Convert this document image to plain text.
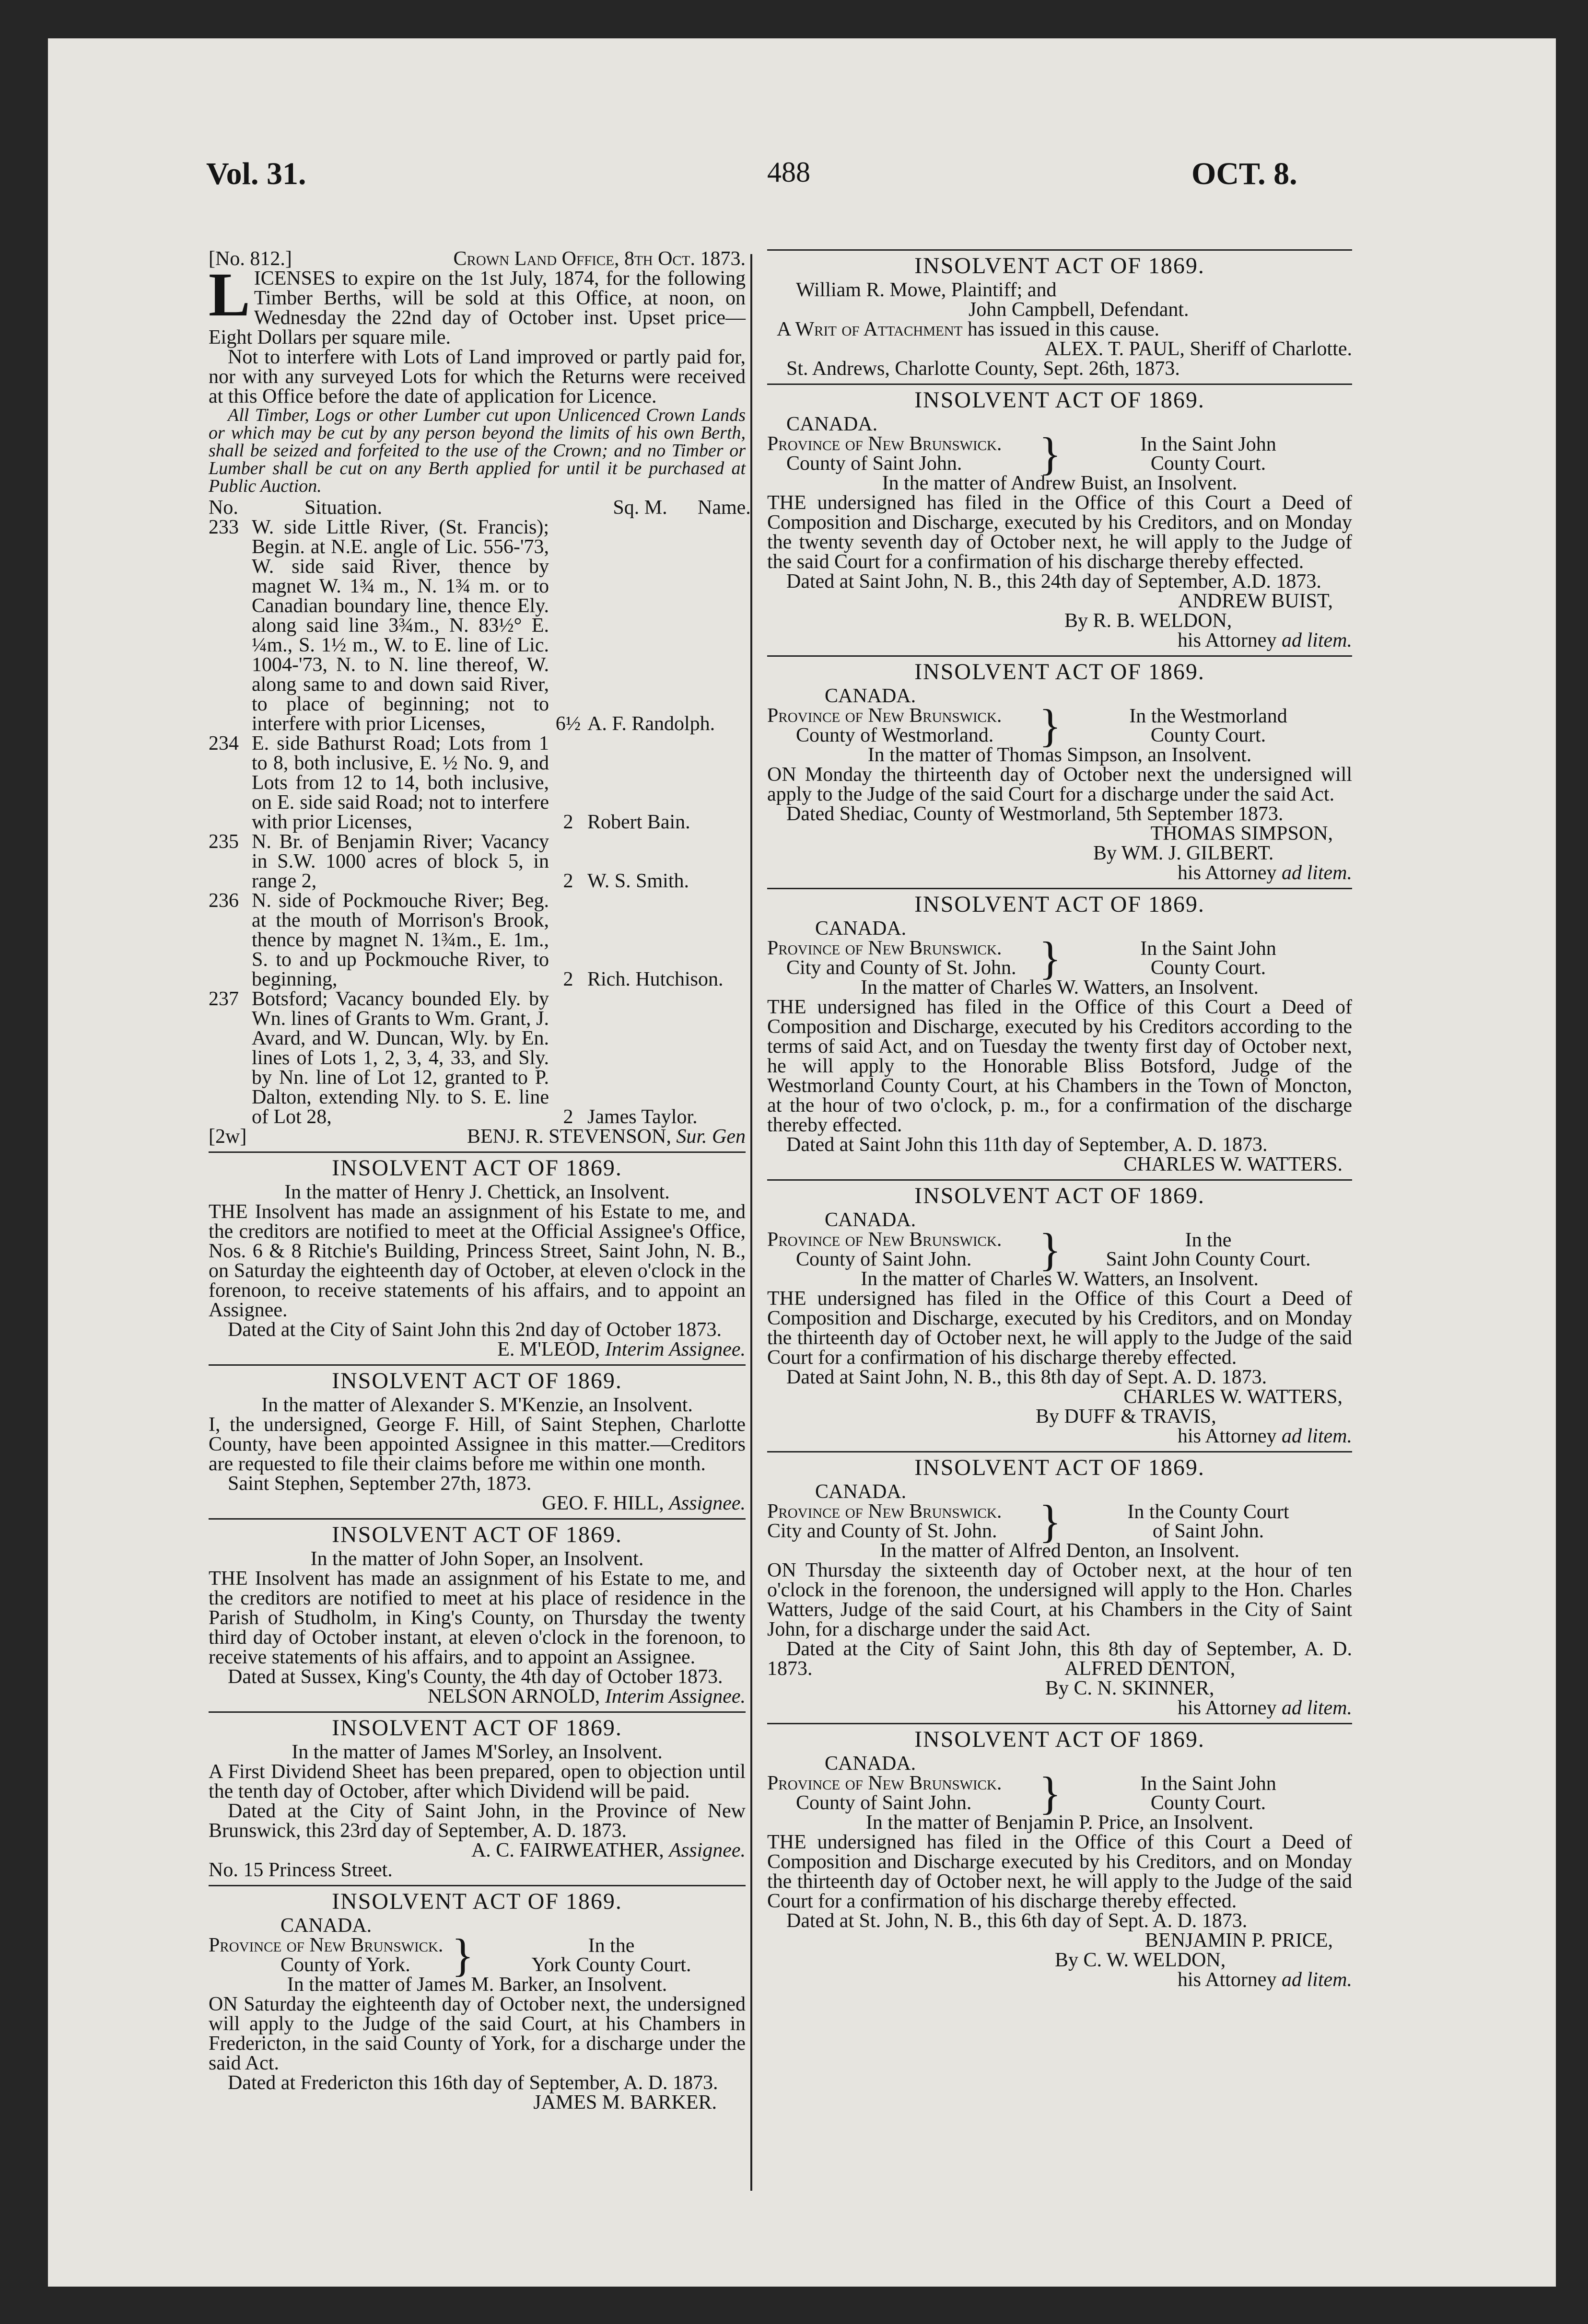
Vol. 31.	488	OCT. 8.
[No. 812.]	Crown Land Office, 8th Oct. 1873.

LICENSES to expire on the 1st July, 1874, for the following Timber Berths, will be sold at this Office, at noon, on Wednesday the 22nd day of October inst. Upset price—Eight Dollars per square mile.

Not to interfere with Lots of Land improved or partly paid for, nor with any surveyed Lots for which the Returns were received at this Office before the date of application for Licence.

All Timber, Logs or other Lumber cut upon Unlicenced Crown Lands or which may be cut by any person beyond the limits of his own Berth, shall be seized and forfeited to the use of the Crown; and no Timber or Lumber shall be cut on any Berth applied for until it be purchased at Public Auction.

No.	Situation.	Sq. M.	Name.
233 W. side Little River, (St. Francis); Begin. at N.E. angle of Lic. 556-'73, W. side said River, thence by magnet W. 1¾ m., N. 1¾ m. or to Canadian boundary line, thence Ely. along said line 3¾m., N. 83½° E. ¼m., S. 1½ m., W. to E. line of Lic. 1004-'73, N. to N. line thereof, W. along same to and down said River, to place of beginning; not to interfere with prior Licenses,	6½ A. F. Randolph.
234 E. side Bathurst Road; Lots from 1 to 8, both inclusive, E. ½ No. 9, and Lots from 12 to 14, both inclusive, on E. side said Road; not to interfere with prior Licenses,	2 Robert Bain.
235 N. Br. of Benjamin River; Vacancy in S.W. 1000 acres of block 5, in range 2,	2 W. S. Smith.
236 N. side of Pockmouche River; Beg. at the mouth of Morrison's Brook, thence by magnet N. 1¾m., E. 1m., S. to and up Pockmouche River, to beginning,	2 Rich. Hutchison.
237 Botsford; Vacancy bounded Ely. by Wn. lines of Grants to Wm. Grant, J. Avard, and W. Duncan, Wly. by En. lines of Lots 1, 2, 3, 4, 33, and Sly. by Nn. line of Lot 12, granted to P. Dalton, extending Nly. to S. E. line of Lot 28,	2 James Taylor.
[2w]	BENJ. R. STEVENSON, Sur. Gen
INSOLVENT ACT OF 1869.

In the matter of Henry J. Chettick, an Insolvent.

THE Insolvent has made an assignment of his Estate to me, and the creditors are notified to meet at the Official Assignee's Office, Nos. 6 & 8 Ritchie's Building, Princess Street, Saint John, N. B., on Saturday the eighteenth day of October, at eleven o'clock in the forenoon, to receive statements of his affairs, and to appoint an Assignee.

Dated at the City of Saint John this 2nd day of October 1873.

E. M'LEOD, Interim Assignee.

INSOLVENT ACT OF 1869.

In the matter of Alexander S. M'Kenzie, an Insolvent.

I, the undersigned, George F. Hill, of Saint Stephen, Charlotte County, have been appointed Assignee in this matter.—Creditors are requested to file their claims before me within one month.

Saint Stephen, September 27th, 1873.

GEO. F. HILL, Assignee.

INSOLVENT ACT OF 1869.

In the matter of John Soper, an Insolvent.

THE Insolvent has made an assignment of his Estate to me, and the creditors are notified to meet at his place of residence in the Parish of Studholm, in King's County, on Thursday the twenty third day of October instant, at eleven o'clock in the forenoon, to receive statements of his affairs, and to appoint an Assignee.

Dated at Sussex, King's County, the 4th day of October 1873.

NELSON ARNOLD, Interim Assignee.

INSOLVENT ACT OF 1869.

In the matter of James M'Sorley, an Insolvent.

A First Dividend Sheet has been prepared, open to objection until the tenth day of October, after which Dividend will be paid.

Dated at the City of Saint John, in the Province of New Brunswick, this 23rd day of September, A. D. 1873.

A. C. FAIRWEATHER, Assignee.

No. 15 Princess Street.

INSOLVENT ACT OF 1869.

CANADA.

Province of New Brunswick.
County of York. }	In the
York County Court.

In the matter of James M. Barker, an Insolvent.

ON Saturday the eighteenth day of October next, the undersigned will apply to the Judge of the said Court, at his Chambers in Fredericton, in the said County of York, for a discharge under the said Act.

Dated at Fredericton this 16th day of September, A. D. 1873.

JAMES M. BARKER.

INSOLVENT ACT OF 1869.

William R. Mowe, Plaintiff; and

John Campbell, Defendant.

A Writ of Attachment has issued in this cause.

ALEX. T. PAUL, Sheriff of Charlotte.

St. Andrews, Charlotte County, Sept. 26th, 1873.

INSOLVENT ACT OF 1869.

CANADA.

Province of New Brunswick.
County of Saint John.	}	In the Saint John
County Court.

In the matter of Andrew Buist, an Insolvent.

THE undersigned has filed in the Office of this Court a Deed of Composition and Discharge, executed by his Creditors, and on Monday the twenty seventh day of October next, he will apply to the Judge of the said Court for a confirmation of his discharge thereby effected.

Dated at Saint John, N. B., this 24th day of September, A.D. 1873.

ANDREW BUIST,

By R. B. WELDON,

his Attorney ad litem.

INSOLVENT ACT OF 1869.

CANADA.

Province of New Brunswick.
County of Westmorland. }	In the Westmorland
County Court.

In the matter of Thomas Simpson, an Insolvent.

ON Monday the thirteenth day of October next the undersigned will apply to the Judge of the said Court for a discharge under the said Act.

Dated Shediac, County of Westmorland, 5th September 1873.

THOMAS SIMPSON,

By WM. J. GILBERT.

his Attorney ad litem.

INSOLVENT ACT OF 1869.

CANADA.

Province of New Brunswick.
City and County of St. John. }	In the Saint John
County Court.

In the matter of Charles W. Watters, an Insolvent.

THE undersigned has filed in the Office of this Court a Deed of Composition and Discharge, executed by his Creditors according to the terms of said Act, and on Tuesday the twenty first day of October next, he will apply to the Honorable Bliss Botsford, Judge of the Westmorland County Court, at his Chambers in the Town of Moncton, at the hour of two o'clock, p. m., for a confirmation of the discharge thereby effected.

Dated at Saint John this 11th day of September, A. D. 1873.

CHARLES W. WATTERS.

INSOLVENT ACT OF 1869.

CANADA.

Province of New Brunswick.
County of Saint John.	}	In the
Saint John County Court.

In the matter of Charles W. Watters, an Insolvent.

THE undersigned has filed in the Office of this Court a Deed of Composition and Discharge, executed by his Creditors, and on Monday the thirteenth day of October next, he will apply to the Judge of the said Court for a confirmation of his discharge thereby effected.

Dated at Saint John, N. B., this 8th day of Sept. A. D. 1873.

CHARLES W. WATTERS,

By DUFF & TRAVIS,

his Attorney ad litem.

INSOLVENT ACT OF 1869.

CANADA.

Province of New Brunswick.
City and County of St. John. }	In the County Court
of Saint John.

In the matter of Alfred Denton, an Insolvent.

ON Thursday the sixteenth day of October next, at the hour of ten o'clock in the forenoon, the undersigned will apply to the Hon. Charles Watters, Judge of the said Court, at his Chambers in the City of Saint John, for a discharge under the said Act.

Dated at the City of Saint John, this 8th day of September, A. D. 1873.	ALFRED DENTON,

By C. N. SKINNER,

his Attorney ad litem.

INSOLVENT ACT OF 1869.

CANADA.

Province of New Brunswick.
County of Saint John.	}	In the Saint John
County Court.

In the matter of Benjamin P. Price, an Insolvent.

THE undersigned has filed in the Office of this Court a Deed of Composition and Discharge executed by his Creditors, and on Monday the thirteenth day of October next, he will apply to the Judge of the said Court for a confirmation of his discharge thereby effected.

Dated at St. John, N. B., this 6th day of Sept. A. D. 1873.

BENJAMIN P. PRICE,

By C. W. WELDON,

his Attorney ad litem.
